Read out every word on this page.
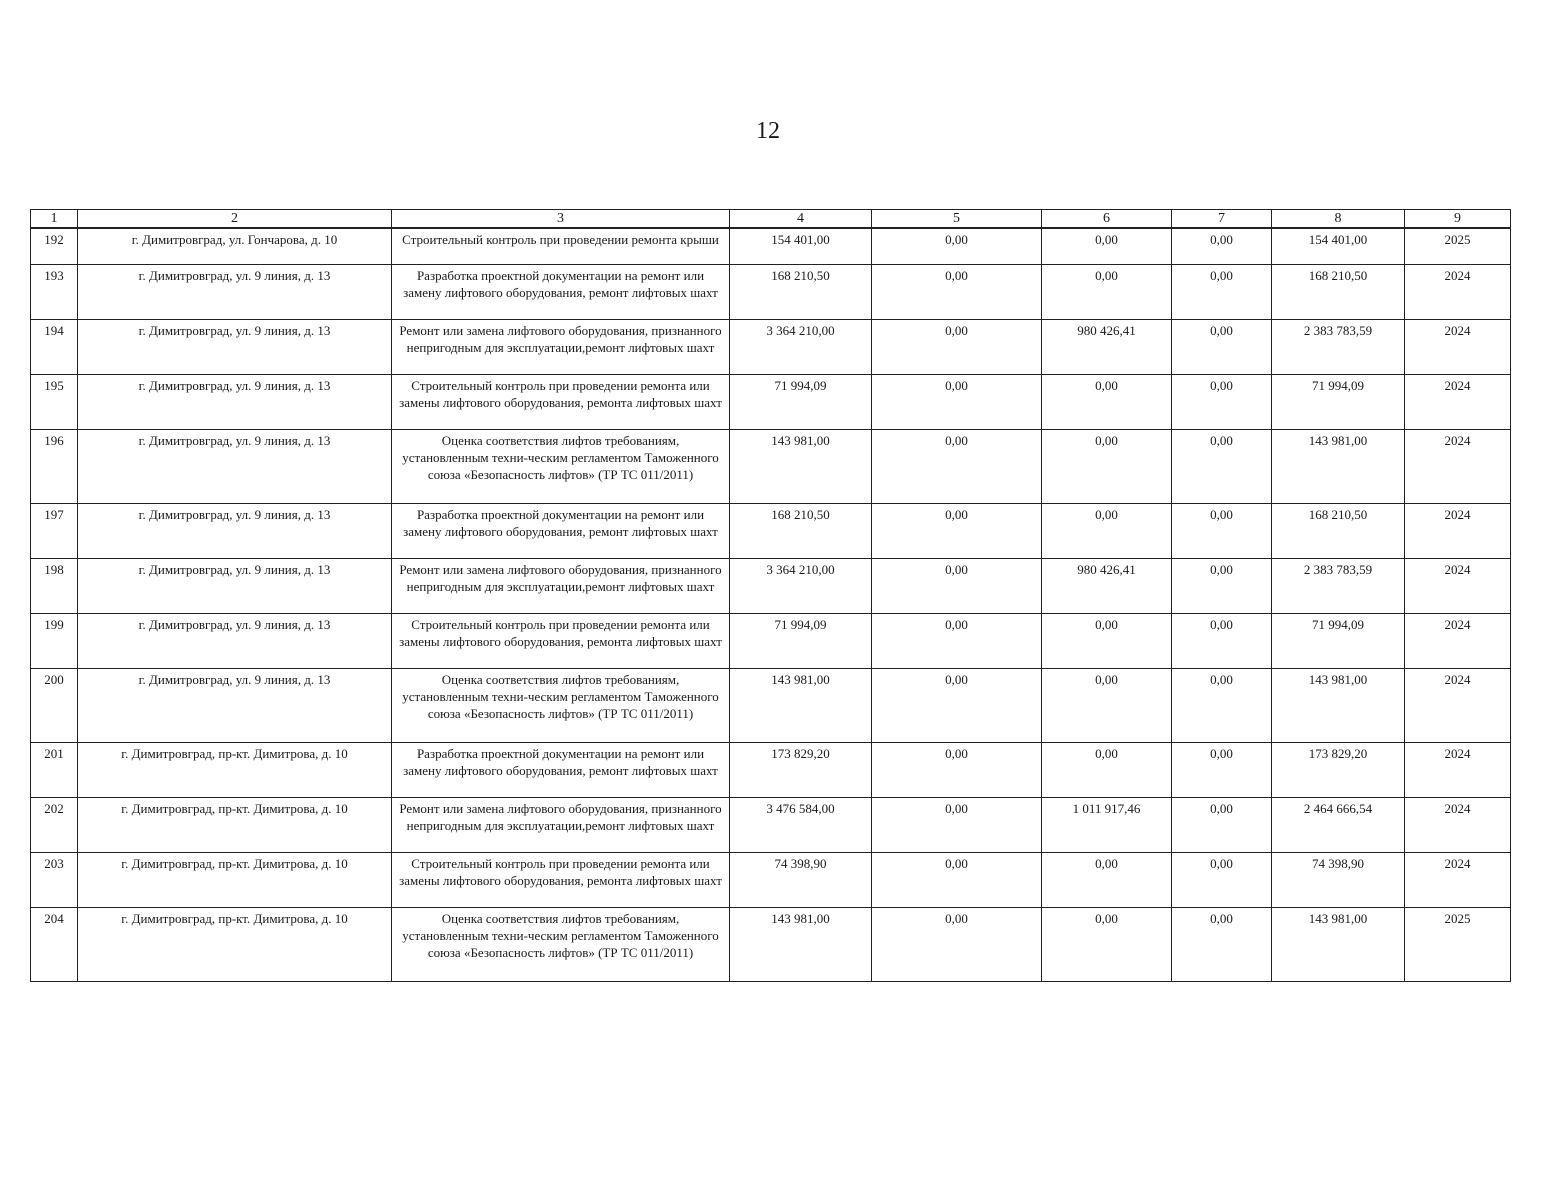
12
1	2	3	4	5	6	7	8	9
192	г. Димитровград, ул. Гончарова, д. 10	Строительный контроль при проведении ремонта крыши	154 401,00	0,00	0,00	0,00	154 401,00	2025
193	г. Димитровград, ул. 9 линия, д. 13	Разработка проектной документации на ремонт или замену лифтового оборудования, ремонт лифтовых шахт	168 210,50	0,00	0,00	0,00	168 210,50	2024
194	г. Димитровград, ул. 9 линия, д. 13	Ремонт или замена лифтового оборудования, признанного непригодным для эксплуатации,ремонт лифтовых шахт	3 364 210,00	0,00	980 426,41	0,00	2 383 783,59	2024
195	г. Димитровград, ул. 9 линия, д. 13	Строительный контроль при проведении ремонта или замены лифтового оборудования, ремонта лифтовых шахт	71 994,09	0,00	0,00	0,00	71 994,09	2024
196	г. Димитровград, ул. 9 линия, д. 13	Оценка соответствия лифтов требованиям, установленным техни-ческим регламентом Таможенного союза «Безопасность лифтов» (ТР ТС 011/2011)	143 981,00	0,00	0,00	0,00	143 981,00	2024
197	г. Димитровград, ул. 9 линия, д. 13	Разработка проектной документации на ремонт или замену лифтового оборудования, ремонт лифтовых шахт	168 210,50	0,00	0,00	0,00	168 210,50	2024
198	г. Димитровград, ул. 9 линия, д. 13	Ремонт или замена лифтового оборудования, признанного непригодным для эксплуатации,ремонт лифтовых шахт	3 364 210,00	0,00	980 426,41	0,00	2 383 783,59	2024
199	г. Димитровград, ул. 9 линия, д. 13	Строительный контроль при проведении ремонта или замены лифтового оборудования, ремонта лифтовых шахт	71 994,09	0,00	0,00	0,00	71 994,09	2024
200	г. Димитровград, ул. 9 линия, д. 13	Оценка соответствия лифтов требованиям, установленным техни-ческим регламентом Таможенного союза «Безопасность лифтов» (ТР ТС 011/2011)	143 981,00	0,00	0,00	0,00	143 981,00	2024
201	г. Димитровград, пр-кт. Димитрова, д. 10	Разработка проектной документации на ремонт или замену лифтового оборудования, ремонт лифтовых шахт	173 829,20	0,00	0,00	0,00	173 829,20	2024
202	г. Димитровград, пр-кт. Димитрова, д. 10	Ремонт или замена лифтового оборудования, признанного непригодным для эксплуатации,ремонт лифтовых шахт	3 476 584,00	0,00	1 011 917,46	0,00	2 464 666,54	2024
203	г. Димитровград, пр-кт. Димитрова, д. 10	Строительный контроль при проведении ремонта или замены лифтового оборудования, ремонта лифтовых шахт	74 398,90	0,00	0,00	0,00	74 398,90	2024
204	г. Димитровград, пр-кт. Димитрова, д. 10	Оценка соответствия лифтов требованиям, установленным техни-ческим регламентом Таможенного союза «Безопасность лифтов» (ТР ТС 011/2011)	143 981,00	0,00	0,00	0,00	143 981,00	2025
